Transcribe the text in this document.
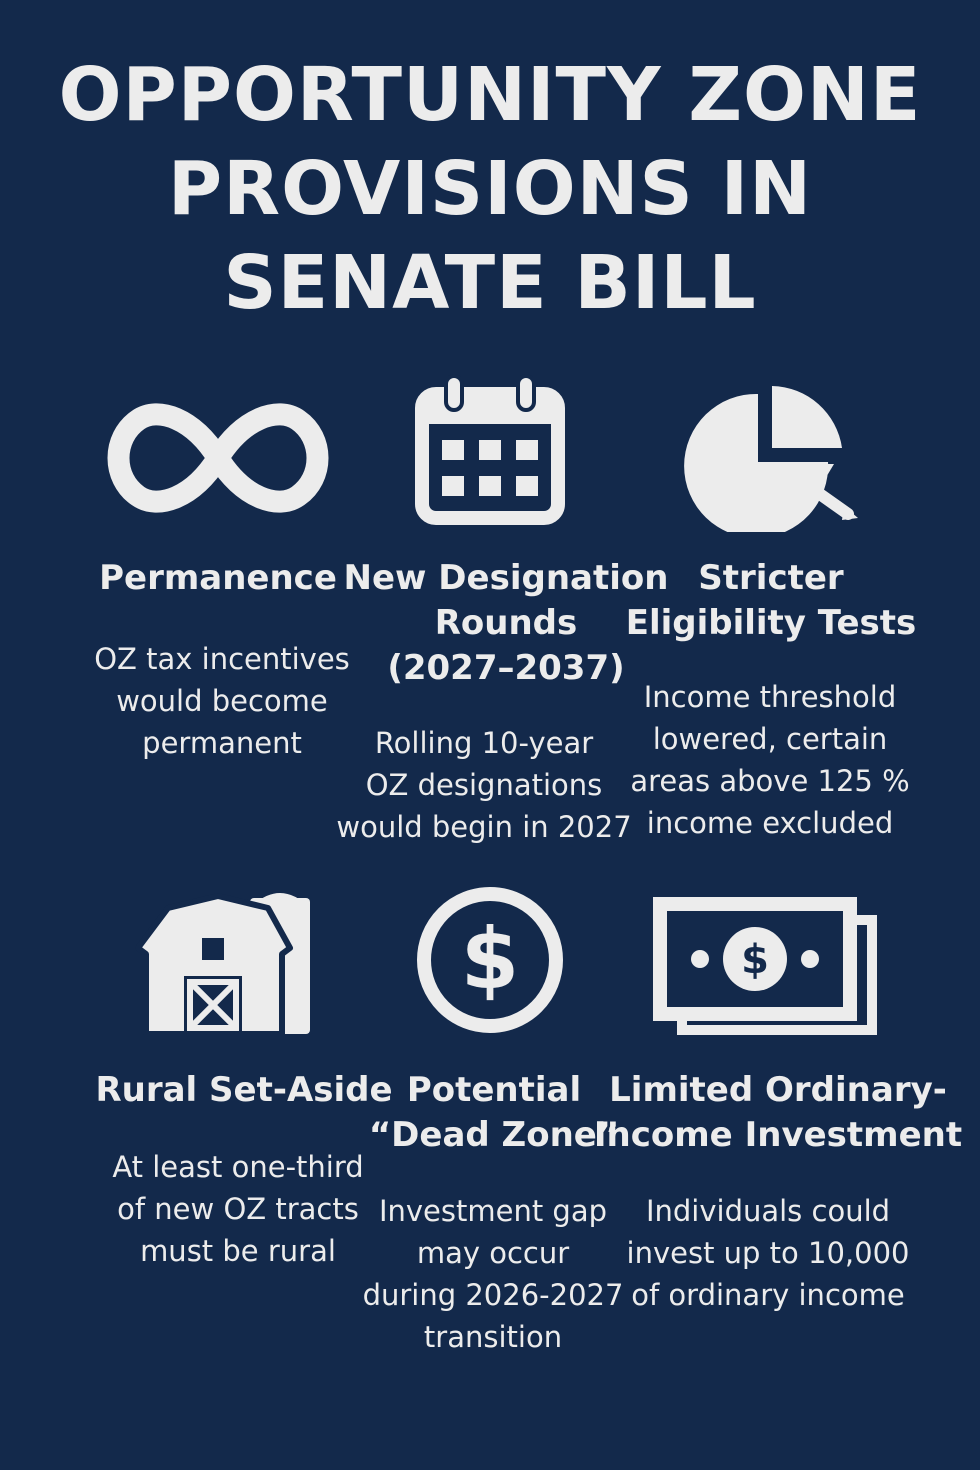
OPPORTUNITY ZONE
PROVISIONS IN
SENATE BILL
Permanence
OZ tax incentives
would become
permanent
New Designation
Rounds
(2027–2037)
Rolling 10-year
OZ designations
would begin in 2027
Stricter
Eligibility Tests
Income threshold
lowered, certain
areas above 125 %
income excluded
Rural Set-Aside
At least one-third
of new OZ tracts
must be rural
$
Potential
“Dead Zone”
Investment gap
may occur
during 2026-2027
transition
$
Limited Ordinary-
Income Investment
Individuals could
invest up to 10,000
of ordinary income
